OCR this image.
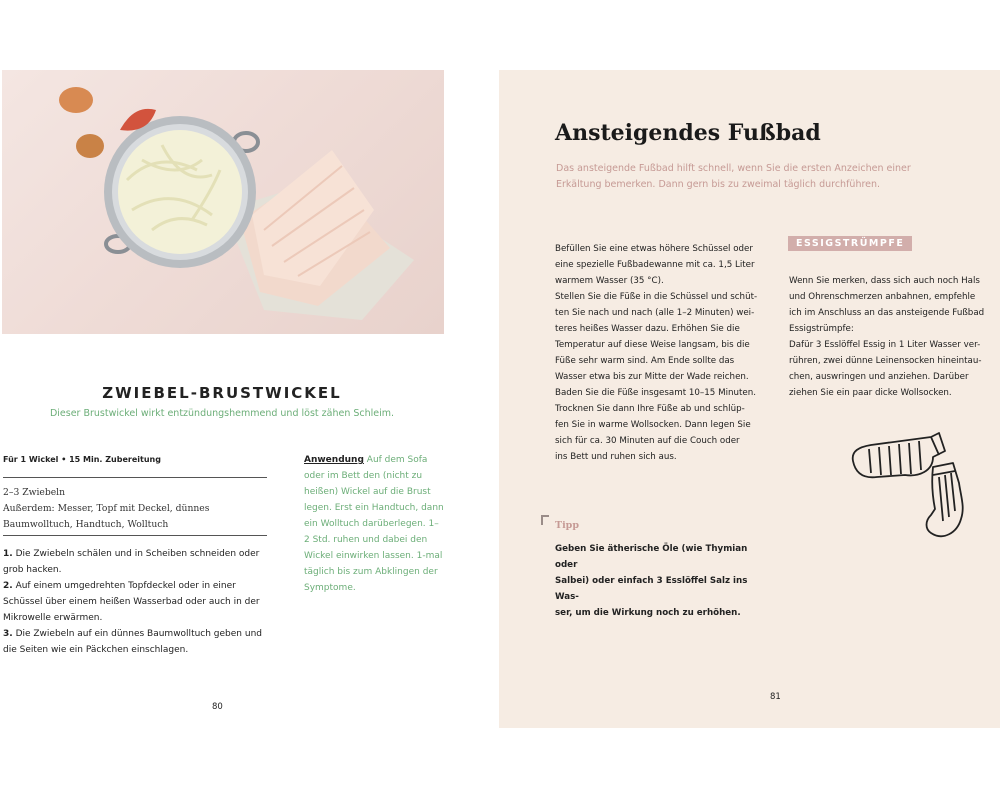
ZWIEBEL-BRUSTWICKEL
Dieser Brustwickel wirkt entzündungshemmend und löst zähen Schleim.
Für 1 Wickel • 15 Min. Zubereitung
2–3 Zwiebeln
Außerdem: Messer, Topf mit Deckel, dünnes Baumwolltuch, Handtuch, Wolltuch
1. Die Zwiebeln schälen und in Scheiben schneiden oder grob hacken.
2. Auf einem umgedrehten Topfdeckel oder in einer Schüssel über einem heißen Wasserbad oder auch in der Mikrowelle erwärmen.
3. Die Zwiebeln auf ein dünnes Baumwolltuch geben und die Seiten wie ein Päckchen einschlagen.
Anwendung Auf dem Sofa oder im Bett den (nicht zu heißen) Wickel auf die Brust legen. Erst ein Handtuch, dann ein Wolltuch darüberlegen. 1–2 Std. ruhen und dabei den Wickel einwirken lassen. 1-mal täglich bis zum Abklingen der Symptome.
80
Ansteigendes Fußbad
Das ansteigende Fußbad hilft schnell, wenn Sie die ersten Anzeichen einer Erkältung bemerken. Dann gern bis zu zweimal täglich durchführen.
Befüllen Sie eine etwas höhere Schüssel oder
eine spezielle Fußbadewanne mit ca. 1,5 Liter
warmem Wasser (35 °C).
Stellen Sie die Füße in die Schüssel und schüt-
ten Sie nach und nach (alle 1–2 Minuten) wei-
teres heißes Wasser dazu. Erhöhen Sie die
Temperatur auf diese Weise langsam, bis die
Füße sehr warm sind. Am Ende sollte das
Wasser etwa bis zur Mitte der Wade reichen.
Baden Sie die Füße insgesamt 10–15 Minuten.
Trocknen Sie dann Ihre Füße ab und schlüp-
fen Sie in warme Wollsocken. Dann legen Sie
sich für ca. 30 Minuten auf die Couch oder
ins Bett und ruhen sich aus.
ESSIGSTRÜMPFE
Wenn Sie merken, dass sich auch noch Hals
und Ohrenschmerzen anbahnen, empfehle
ich im Anschluss an das ansteigende Fußbad
Essigstrümpfe:
Dafür 3 Esslöffel Essig in 1 Liter Wasser ver-
rühren, zwei dünne Leinensocken hineintau-
chen, auswringen und anziehen. Darüber
ziehen Sie ein paar dicke Wollsocken.
Tipp
Geben Sie ätherische Öle (wie Thymian oder
Salbei) oder einfach 3 Esslöffel Salz ins Was-
ser, um die Wirkung noch zu erhöhen.
81
